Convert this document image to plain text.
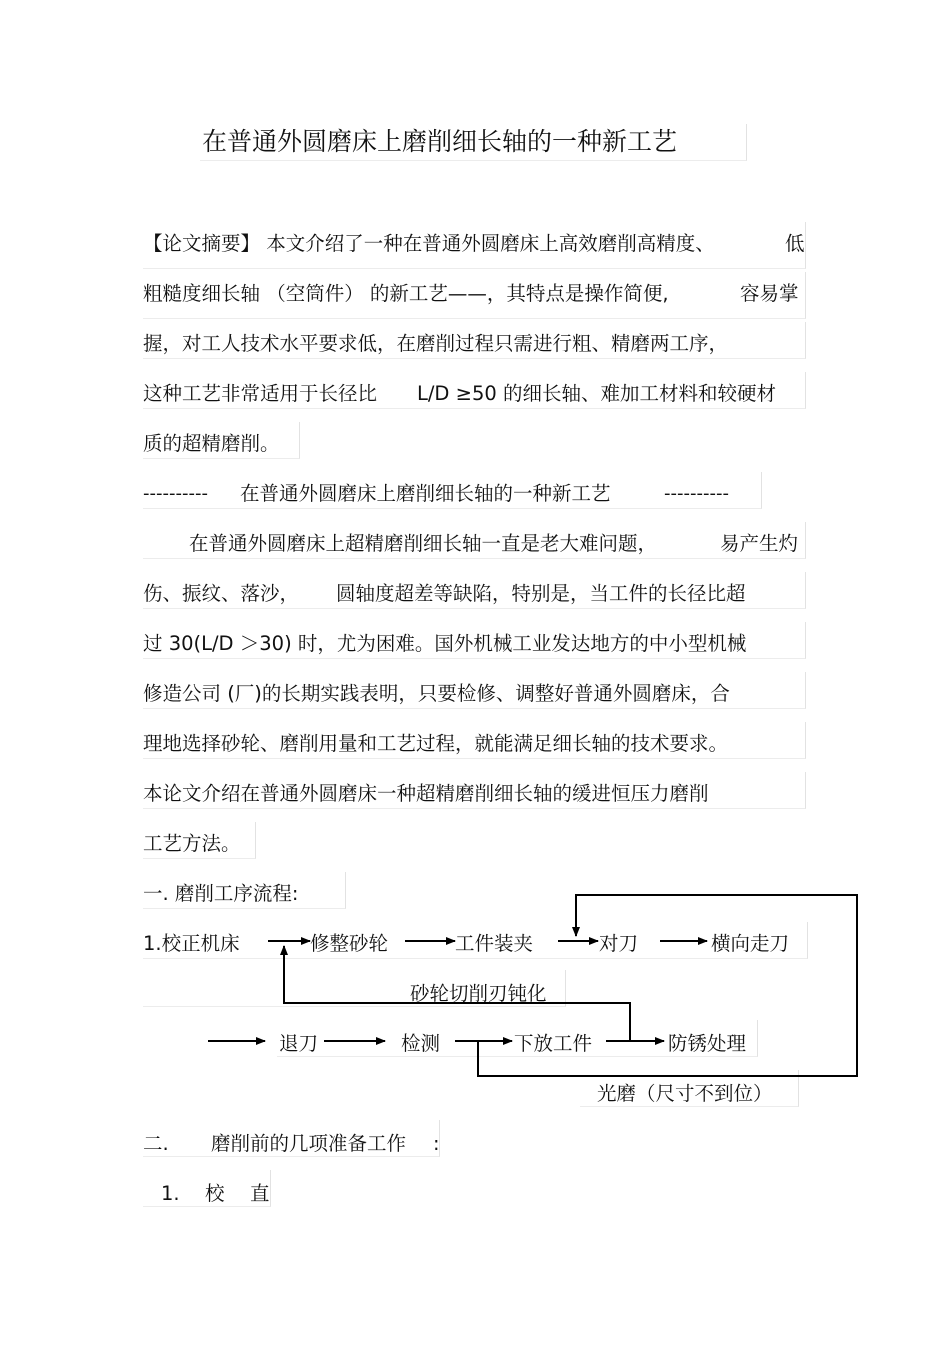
在普通外圆磨床上磨削细长轴的一种新工艺
【论文摘要】 本文介绍了一种在普通外圆磨床上高效磨削高精度、	低
粗糙度细长轴 （空筒件） 的新工艺——，其特点是操作简便,	容易掌
握，对工人技术水平要求低，在磨削过程只需进行粗、精磨两工序，
这种工艺非常适用于长径比 L/D ≥50 的细长轴、难加工材料和较硬材
质的超精磨削。
---------- 在普通外圆磨床上磨削细长轴的一种新工艺	----------
在普通外圆磨床上超精磨削细长轴一直是老大难问题，	易产生灼
伤、振纹、落沙， 圆轴度超差等缺陷，特别是，当工件的长径比超
过 30(L/D ＞30) 时，尤为困难。国外机械工业发达地方的中小型机械
修造公司 (厂)的长期实践表明，只要检修、调整好普通外圆磨床，合
理地选择砂轮、磨削用量和工艺过程，就能满足细长轴的技术要求。
本论文介绍在普通外圆磨床一种超精磨削细长轴的缓进恒压力磨削
工艺方法。
一. 磨削工序流程:
1.校正机床	修整砂轮	工件装夹	对刀	横向走刀
砂轮切削刃钝化
退刀	检测	下放工件	防锈处理
光磨（尺寸不到位）
二. 磨削前的几项准备工作 :
1. 校 直
